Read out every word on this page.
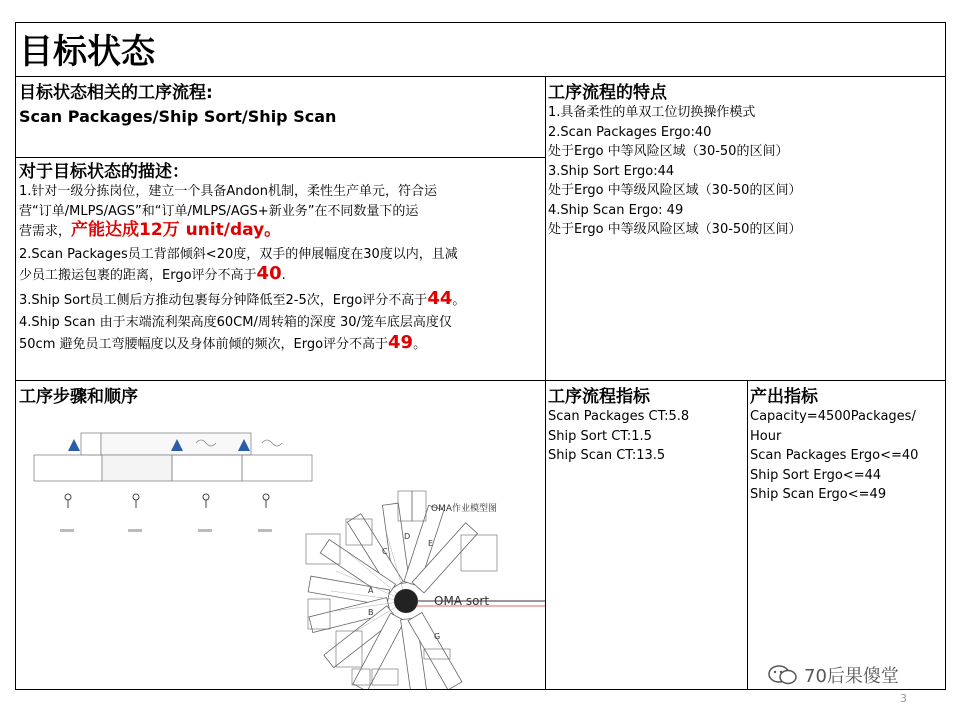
目标状态
目标状态相关的工序流程:
Scan Packages/Ship Sort/Ship Scan
对于目标状态的描述：
1.针对一级分拣岗位，建立一个具备Andon机制，柔性生产单元，符合运
营“订单/MLPS/AGS”和“订单/MLPS/AGS+新业务”在不同数量下的运
营需求，产能达成12万 unit/day。
2.Scan Packages员工背部倾斜<20度，双手的伸展幅度在30度以内，且减
少员工搬运包裹的距离，Ergo评分不高于40.
3.Ship Sort员工侧后方推动包裹每分钟降低至2-5次，Ergo评分不高于44。
4.Ship Scan 由于末端流利架高度60CM/周转箱的深度 30/笼车底层高度仅
50cm 避免员工弯腰幅度以及身体前倾的频次，Ergo评分不高于49。
工序流程的特点
1.具备柔性的单双工位切换操作模式
2.Scan Packages Ergo:40
处于Ergo 中等风险区域（30-50的区间）
3.Ship Sort Ergo:44
处于Ergo 中等级风险区域（30-50的区间）
4.Ship Scan Ergo: 49
处于Ergo 中等级风险区域（30-50的区间）
工序步骤和顺序
OMA作业模型图
OMA sort
A
B
C
D
E
G
工序流程指标
Scan Packages CT:5.8
Ship Sort CT:1.5
Ship Scan CT:13.5
产出指标
Capacity=4500Packages/
Hour
Scan Packages Ergo<=40
Ship Sort Ergo<=44
Ship Scan Ergo<=49
70后果傻堂
3
